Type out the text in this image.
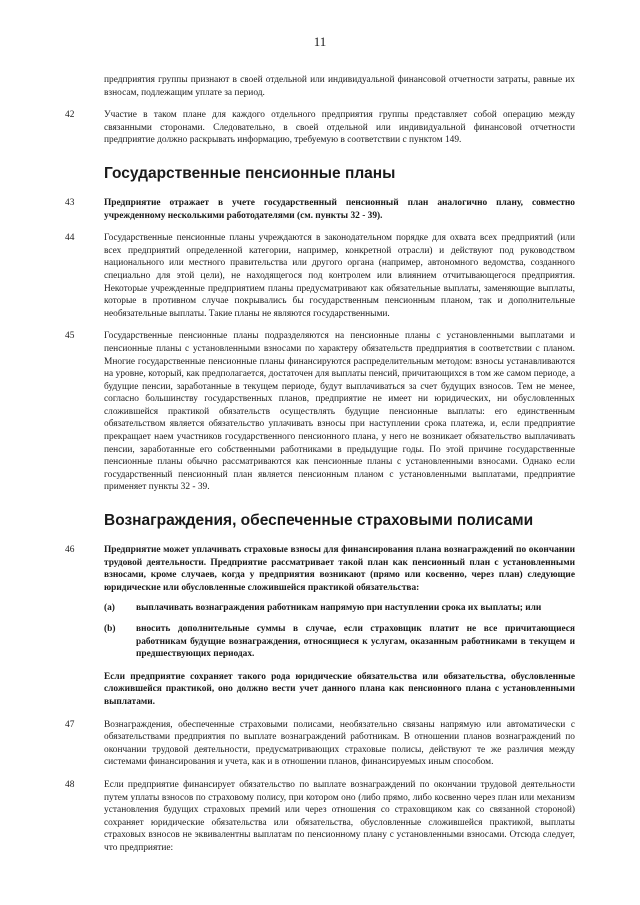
11
предприятия группы признают в своей отдельной или индивидуальной финансовой отчетности затраты, равные их взносам, подлежащим уплате за период.
42	Участие в таком плане для каждого отдельного предприятия группы представляет собой операцию между связанными сторонами. Следовательно, в своей отдельной или индивидуальной финансовой отчетности предприятие должно раскрывать информацию, требуемую в соответствии с пунктом 149.
Государственные пенсионные планы
43	Предприятие отражает в учете государственный пенсионный план аналогично плану, совместно учрежденному несколькими работодателями (см. пункты 32 - 39).
44	Государственные пенсионные планы учреждаются в законодательном порядке для охвата всех предприятий (или всех предприятий определенной категории, например, конкретной отрасли) и действуют под руководством национального или местного правительства или другого органа (например, автономного ведомства, созданного специально для этой цели), не находящегося под контролем или влиянием отчитывающегося предприятия. Некоторые учрежденные предприятием планы предусматривают как обязательные выплаты, заменяющие выплаты, которые в противном случае покрывались бы государственным пенсионным планом, так и дополнительные необязательные выплаты. Такие планы не являются государственными.
45	Государственные пенсионные планы подразделяются на пенсионные планы с установленными выплатами и пенсионные планы с установленными взносами по характеру обязательств предприятия в соответствии с планом. Многие государственные пенсионные планы финансируются распределительным методом: взносы устанавливаются на уровне, который, как предполагается, достаточен для выплаты пенсий, причитающихся в том же самом периоде, а будущие пенсии, заработанные в текущем периоде, будут выплачиваться за счет будущих взносов. Тем не менее, согласно большинству государственных планов, предприятие не имеет ни юридических, ни обусловленных сложившейся практикой обязательств осуществлять будущие пенсионные выплаты: его единственным обязательством является обязательство уплачивать взносы при наступлении срока платежа, и, если предприятие прекращает наем участников государственного пенсионного плана, у него не возникает обязательство выплачивать пенсии, заработанные его собственными работниками в предыдущие годы. По этой причине государственные пенсионные планы обычно рассматриваются как пенсионные планы с установленными взносами. Однако если государственный пенсионный план является пенсионным планом с установленными выплатами, предприятие применяет пункты 32 - 39.
Вознаграждения, обеспеченные страховыми полисами
46	Предприятие может уплачивать страховые взносы для финансирования плана вознаграждений по окончании трудовой деятельности. Предприятие рассматривает такой план как пенсионный план с установленными взносами, кроме случаев, когда у предприятия возникают (прямо или косвенно, через план) следующие юридические или обусловленные сложившейся практикой обязательства:
(a)	выплачивать вознаграждения работникам напрямую при наступлении срока их выплаты; или
(b)	вносить дополнительные суммы в случае, если страховщик платит не все причитающиеся работникам будущие вознаграждения, относящиеся к услугам, оказанным работниками в текущем и предшествующих периодах.
Если предприятие сохраняет такого рода юридические обязательства или обязательства, обусловленные сложившейся практикой, оно должно вести учет данного плана как пенсионного плана с установленными выплатами.
47	Вознаграждения, обеспеченные страховыми полисами, необязательно связаны напрямую или автоматически с обязательствами предприятия по выплате вознаграждений работникам. В отношении планов вознаграждений по окончании трудовой деятельности, предусматривающих страховые полисы, действуют те же различия между системами финансирования и учета, как и в отношении планов, финансируемых иным способом.
48	Если предприятие финансирует обязательство по выплате вознаграждений по окончании трудовой деятельности путем уплаты взносов по страховому полису, при котором оно (либо прямо, либо косвенно через план или механизм установления будущих страховых премий или через отношения со страховщиком как со связанной стороной) сохраняет юридические обязательства или обязательства, обусловленные сложившейся практикой, выплаты страховых взносов не эквивалентны выплатам по пенсионному плану с установленными взносами. Отсюда следует, что предприятие:
